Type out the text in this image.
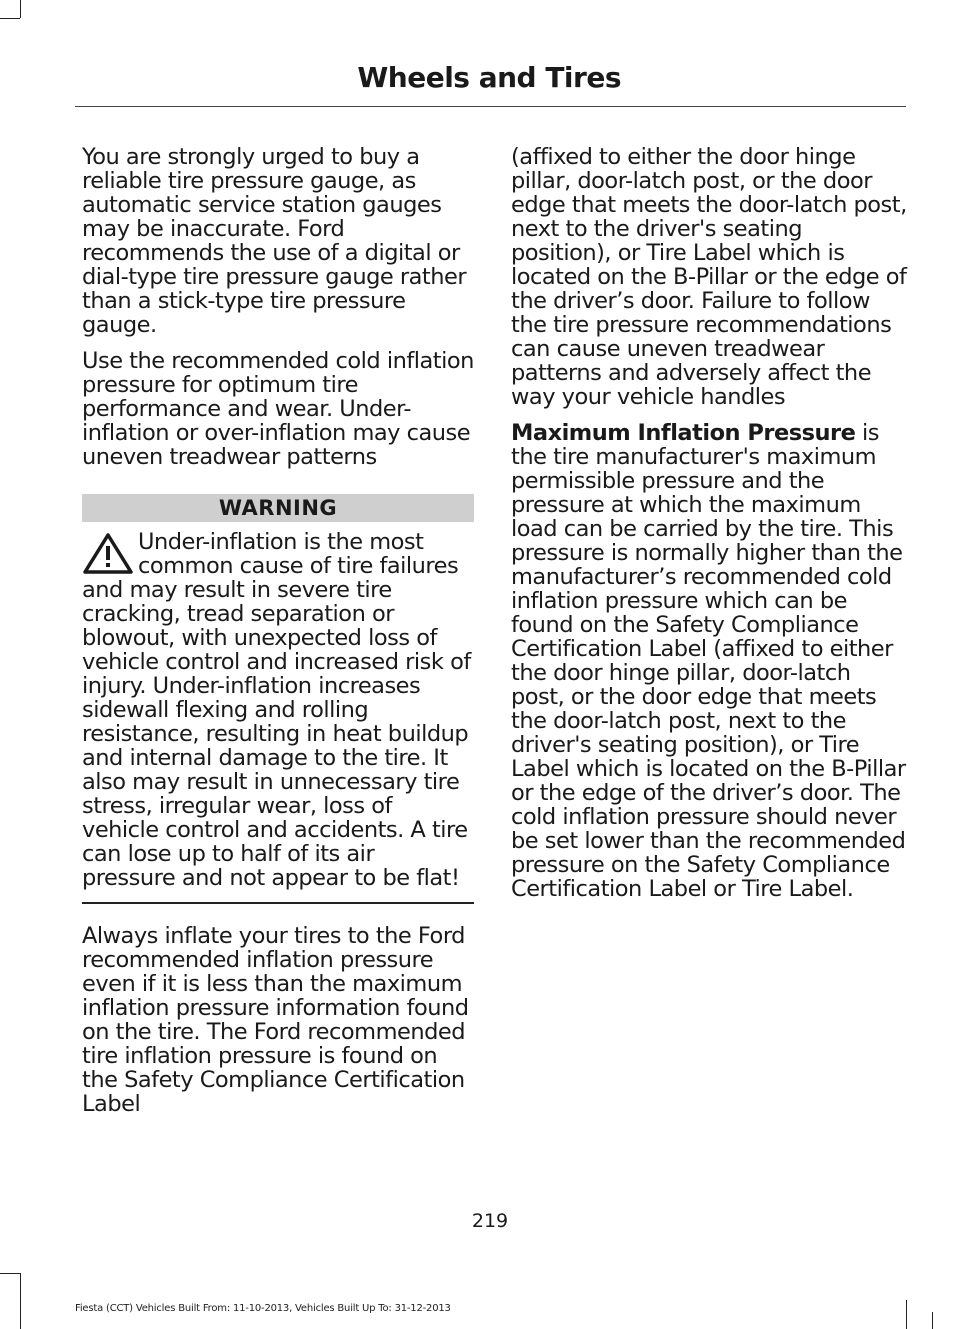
Wheels and Tires

You are strongly urged to buy a reliable tire pressure gauge, as automatic service station gauges may be inaccurate. Ford recommends the use of a digital or dial-type tire pressure gauge rather than a stick-type tire pressure gauge.

Use the recommended cold inflation pressure for optimum tire performance and wear. Under-inflation or over-inflation may cause uneven treadwear patterns

WARNING

Under-inflation is the most common cause of tire failures and may result in severe tire cracking, tread separation or blowout, with unexpected loss of vehicle control and increased risk of injury. Under-inflation increases sidewall flexing and rolling resistance, resulting in heat buildup and internal damage to the tire. It also may result in unnecessary tire stress, irregular wear, loss of vehicle control and accidents. A tire can lose up to half of its air pressure and not appear to be flat!

Always inflate your tires to the Ford recommended inflation pressure even if it is less than the maximum inflation pressure information found on the tire. The Ford recommended tire inflation pressure is found on the Safety Compliance Certification Label

(affixed to either the door hinge pillar, door-latch post, or the door edge that meets the door-latch post, next to the driver's seating position), or Tire Label which is located on the B-Pillar or the edge of the driver’s door. Failure to follow the tire pressure recommendations can cause uneven treadwear patterns and adversely affect the way your vehicle handles

Maximum Inflation Pressure is the tire manufacturer's maximum permissible pressure and the pressure at which the maximum load can be carried by the tire. This pressure is normally higher than the manufacturer’s recommended cold inflation pressure which can be found on the Safety Compliance Certification Label (affixed to either the door hinge pillar, door-latch post, or the door edge that meets the door-latch post, next to the driver's seating position), or Tire Label which is located on the B-Pillar or the edge of the driver’s door. The cold inflation pressure should never be set lower than the recommended pressure on the Safety Compliance Certification Label or Tire Label.

219
Fiesta (CCT) Vehicles Built From: 11-10-2013, Vehicles Built Up To: 31-12-2013
